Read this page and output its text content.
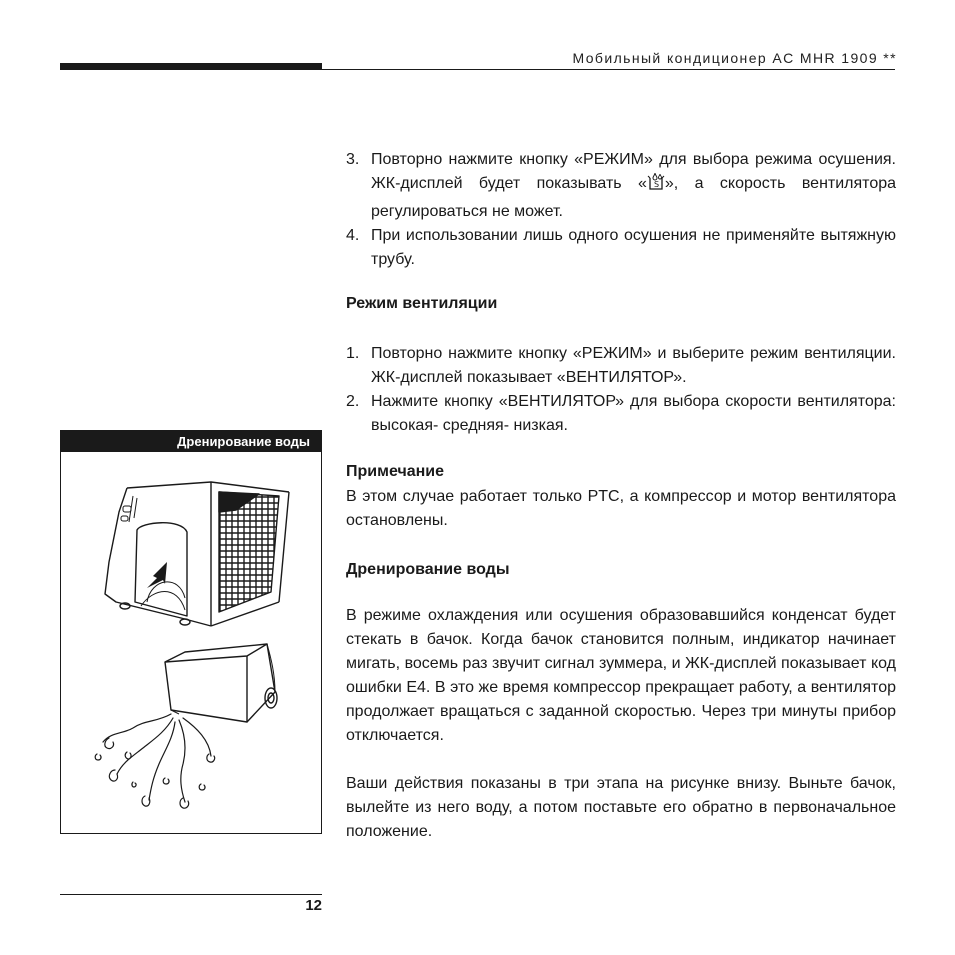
Мобильный кондиционер AC MHR 1909 **
3. Повторно нажмите кнопку «РЕЖИМ» для выбора режима осушения. ЖК-дисплей будет показывать « S », а скорость вентилятора регулироваться не может.
4. При использовании лишь одного осушения не применяйте вытяжную трубу.
Режим вентиляции
1. Повторно нажмите кнопку «РЕЖИМ» и выберите режим вентиляции. ЖК-дисплей показывает «ВЕНТИЛЯТОР».
2. Нажмите кнопку «ВЕНТИЛЯТОР» для выбора скорости вентилятора: высокая- средняя- низкая.
Примечание
В этом случае работает только PTC, а компрессор и мотор вентилятора остановлены.
Дренирование воды
В режиме охлаждения или осушения образовавшийся конденсат будет стекать в бачок. Когда бачок становится полным, индикатор начинает мигать, восемь раз звучит сигнал зуммера, и ЖК-дисплей показывает код ошибки Е4. В это же время компрессор прекращает работу, а вентилятор продолжает вращаться с заданной скоростью. Через три минуты прибор отключается.
Ваши действия показаны в три этапа на рисунке внизу. Выньте бачок, вылейте из него воду, а потом поставьте его обратно в первоначальное положение.
Дренирование воды
12
